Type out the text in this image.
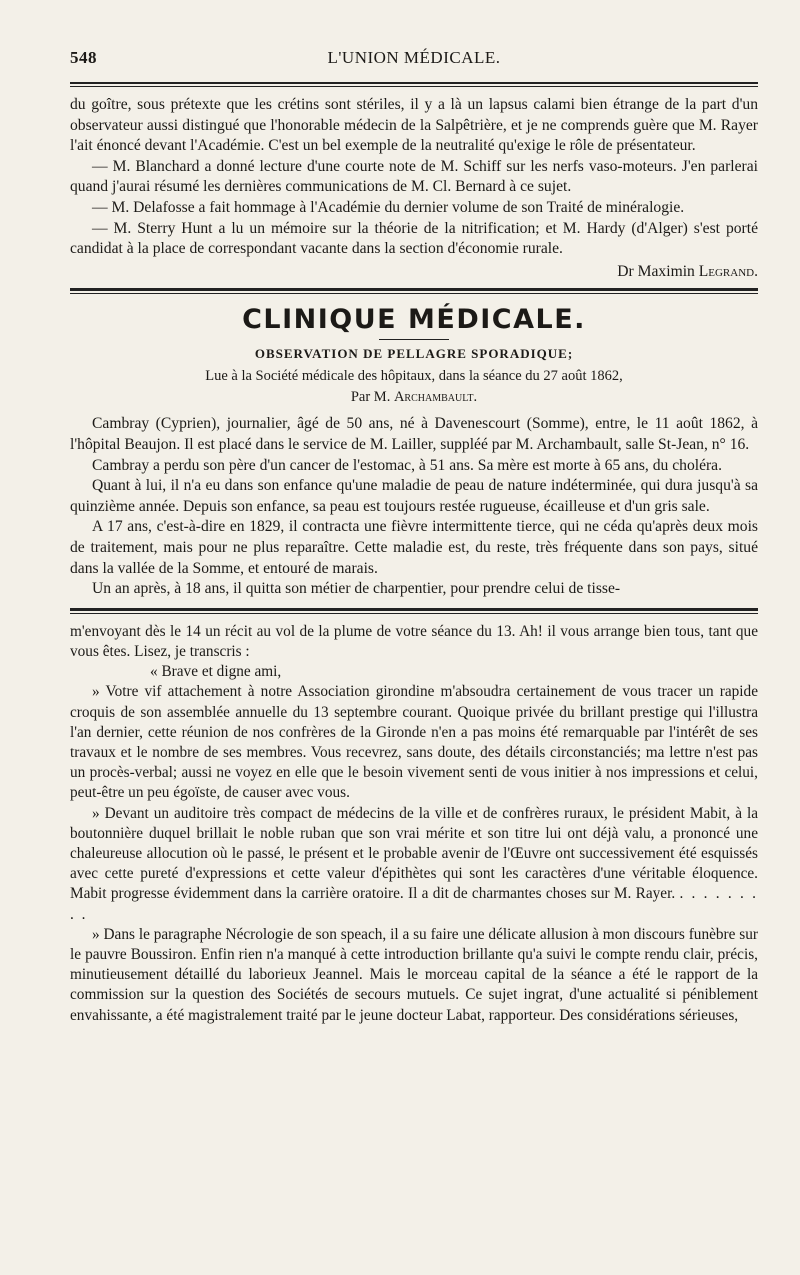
548	L'UNION MÉDICALE.

du goître, sous prétexte que les crétins sont stériles, il y a là un lapsus calami bien étrange de la part d'un observateur aussi distingué que l'honorable médecin de la Salpêtrière, et je ne comprends guère que M. Rayer l'ait énoncé devant l'Académie. C'est un bel exemple de la neutralité qu'exige le rôle de présentateur.

— M. Blanchard a donné lecture d'une courte note de M. Schiff sur les nerfs vaso-moteurs. J'en parlerai quand j'aurai résumé les dernières communications de M. Cl. Bernard à ce sujet.

— M. Delafosse a fait hommage à l'Académie du dernier volume de son Traité de minéralogie.

— M. Sterry Hunt a lu un mémoire sur la théorie de la nitrification; et M. Hardy (d'Alger) s'est porté candidat à la place de correspondant vacante dans la section d'économie rurale.

Dr Maximin Legrand.
CLINIQUE MÉDICALE.
OBSERVATION DE PELLAGRE SPORADIQUE;
Lue à la Société médicale des hôpitaux, dans la séance du 27 août 1862,
Par M. Archambault.

Cambray (Cyprien), journalier, âgé de 50 ans, né à Davenescourt (Somme), entre, le 11 août 1862, à l'hôpital Beaujon. Il est placé dans le service de M. Lailler, suppléé par M. Archambault, salle St-Jean, n° 16.

Cambray a perdu son père d'un cancer de l'estomac, à 51 ans. Sa mère est morte à 65 ans, du choléra.

Quant à lui, il n'a eu dans son enfance qu'une maladie de peau de nature indéterminée, qui dura jusqu'à sa quinzième année. Depuis son enfance, sa peau est toujours restée rugueuse, écailleuse et d'un gris sale.

A 17 ans, c'est-à-dire en 1829, il contracta une fièvre intermittente tierce, qui ne céda qu'après deux mois de traitement, mais pour ne plus reparaître. Cette maladie est, du reste, très fréquente dans son pays, situé dans la vallée de la Somme, et entouré de marais.

Un an après, à 18 ans, il quitta son métier de charpentier, pour prendre celui de tisse-

m'envoyant dès le 14 un récit au vol de la plume de votre séance du 13. Ah! il vous arrange bien tous, tant que vous êtes. Lisez, je transcris :

« Brave et digne ami,

» Votre vif attachement à notre Association girondine m'absoudra certainement de vous tracer un rapide croquis de son assemblée annuelle du 13 septembre courant. Quoique privée du brillant prestige qui l'illustra l'an dernier, cette réunion de nos confrères de la Gironde n'en a pas moins été remarquable par l'intérêt de ses travaux et le nombre de ses membres. Vous recevrez, sans doute, des détails circonstanciés; ma lettre n'est pas un procès-verbal; aussi ne voyez en elle que le besoin vivement senti de vous initier à nos impressions et celui, peut-être un peu égoïste, de causer avec vous.

» Devant un auditoire très compact de médecins de la ville et de confrères ruraux, le président Mabit, à la boutonnière duquel brillait le noble ruban que son vrai mérite et son titre lui ont déjà valu, a prononcé une chaleureuse allocution où le passé, le présent et le probable avenir de l'Œuvre ont successivement été esquissés avec cette pureté d'expressions et cette valeur d'épithètes qui sont les caractères d'une véritable éloquence. Mabit progresse évidemment dans la carrière oratoire. Il a dit de charmantes choses sur M. Rayer. . . . . . . . . .

» Dans le paragraphe Nécrologie de son speach, il a su faire une délicate allusion à mon discours funèbre sur le pauvre Boussiron. Enfin rien n'a manqué à cette introduction brillante qu'a suivi le compte rendu clair, précis, minutieusement détaillé du laborieux Jeannel. Mais le morceau capital de la séance a été le rapport de la commission sur la question des Sociétés de secours mutuels. Ce sujet ingrat, d'une actualité si péniblement envahissante, a été magistralement traité par le jeune docteur Labat, rapporteur. Des considérations sérieuses,
